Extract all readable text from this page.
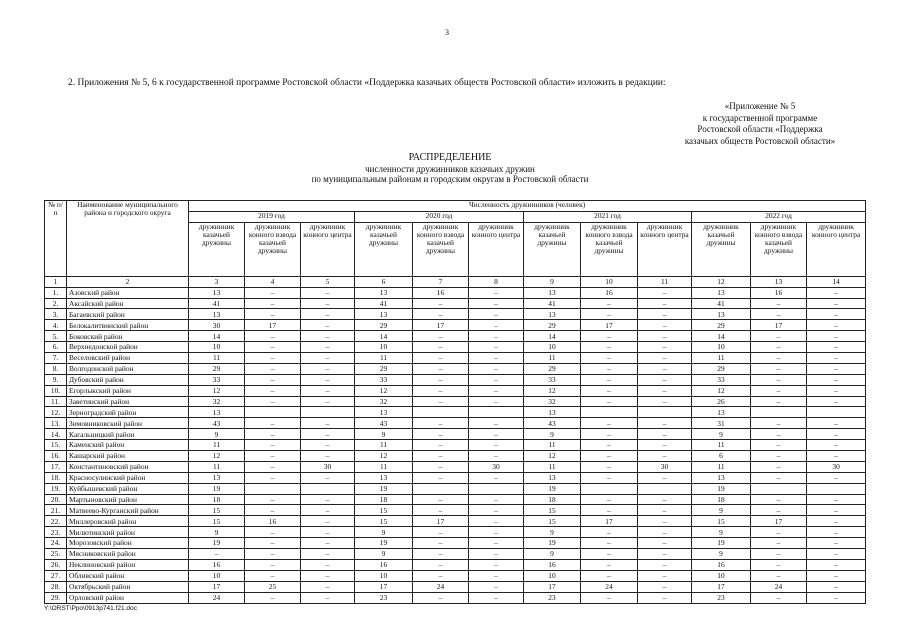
3
2. Приложения № 5, 6 к государственной программе Ростовской области «Поддержка казачьих обществ Ростовской области» изложить в редакции:
«Приложение № 5
к государственной программе
Ростовской области «Поддержка
казачьих обществ Ростовской области»
РАСПРЕДЕЛЕНИЕ
численности дружинников казачьих дружин
по муниципальным районам и городским округам в Ростовской области
№ п/п	Наименование муниципального района и городского округа	Численность дружинников (человек)											
		2019 год			2020 год			2021 год			2022 год		
		дружинник казачьей дружины	дружинник конного взвода казачьей дружины	дружинник конного центра	дружинник казачьей дружины	дружинник конного взвода казачьей дружины	дружинник конного центра	дружинник казачьей дружины	дружинник конного взвода казачьей дружины	дружинник конного центра	дружинник казачьей дружины	дружинник конного взвода казачьей дружины	дружинник конного центра
1	2	3	4	5	6	7	8	9	10	11	12	13	14
1.	Азовский район	13	–	–	13	16	–	13	16	–	13	16	–
2.	Аксайский район	41	–	–	41	–	–	41	–	–	41	–	–
3.	Багаевский район	13	–	–	13	–	–	13	–	–	13	–	–
4.	Белокалитвинский район	30	17	–	29	17	–	29	17	–	29	17	–
5.	Боковский район	14	–	–	14	–	–	14	–	–	14	–	–
6.	Верхнедонской район	10	–	–	10	–	–	10	–	–	10	–	–
7.	Веселовский район	11	–	–	11	–	–	11	–	–	11	–	–
8.	Волгодонской район	29	–	–	29	–	–	29	–	–	29	–	–
9.	Дубовский район	33	–	–	33	–	–	33	–	–	33	–	–
10.	Егорлыкский район	12	–	–	12	–	–	12	–	–	12	–	–
11.	Заветинский район	32	–	–	32	–	–	32	–	–	26	–	–
12.	Зерноградский район	13			13			13			13		
13.	Зимовниковский район	43	–	–	43	–	–	43	–	–	31	–	–
14.	Кагальницкий район	9	–	–	9	–	–	9	–	–	9	–	–
15.	Каменский район	11	–	–	11	–	–	11	–	–	11	–	–
16.	Кашарский район	12	–	–	12	–	–	12	–	–	6	–	–
17.	Константиновский район	11	–	30	11	–	30	11	–	30	11	–	30
18.	Красносулинский район	13	–	–	13	–	–	13	–	–	13	–	–
19.	Куйбышевский район	19			19			19			19		
20.	Мартыновский район	18	–	–	18	–	–	18	–	–	18	–	–
21.	Матвеево-Курганский район	15	–	–	15	–	–	15	–	–	9	–	–
22.	Миллеровский район	15	16	–	15	17	–	15	17	–	15	17	–
23.	Милютинский район	9	–	–	9	–	–	9	–	–	9	–	–
24.	Морозовский район	19	–	–	19	–	–	19	–	–	19	–	–
25.	Мясниковский район	–	–	–	9	–	–	9	–	–	9	–	–
26.	Неклиновский район	16	–	–	16	–	–	16	–	–	16	–	–
27.	Обливский район	10	–	–	10	–	–	10	–	–	10	–	–
28.	Октябрьский район	17	25	–	17	24	–	17	24	–	17	24	–
29.	Орловский район	24	–	–	23	–	–	23	–	–	23	–	–
Y:\ORST\Ppo\0913p741.f21.doc
